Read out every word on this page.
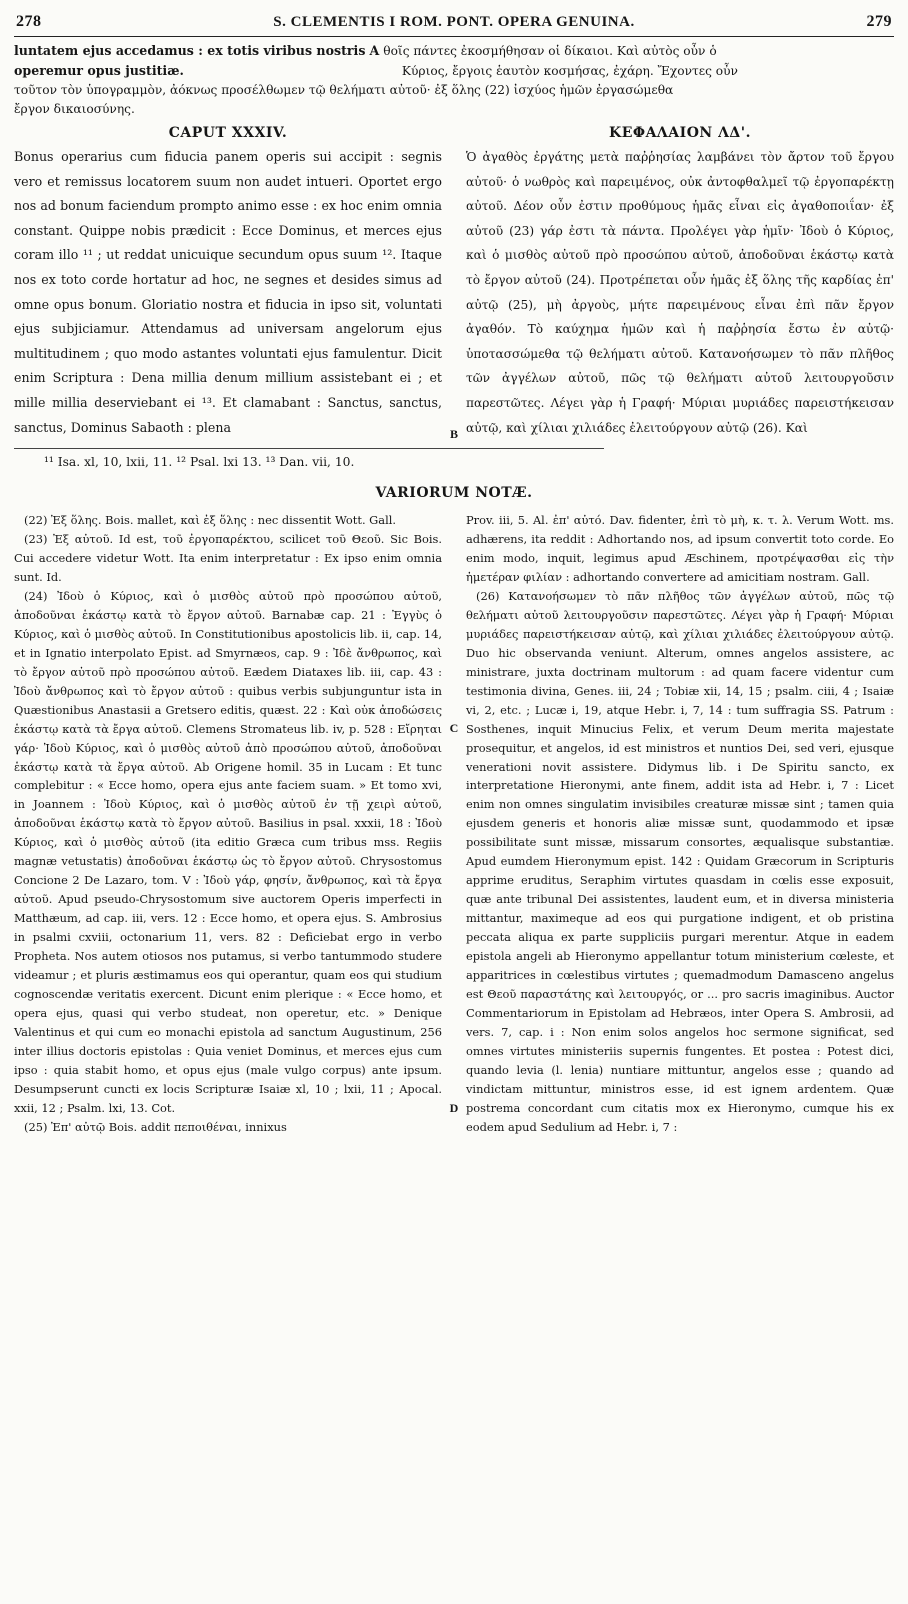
278	S. CLEMENTIS I ROM. PONT. OPERA GENUINA.	279
luntatem ejus accedamus : ex totis viribus nostris A θοῖς πάντες ἐκοσμήθησαν οἱ δίκαιοι. Καὶ αὐτὸς οὖν ὁ
operemur opus justitiæ.	Κύριος, ἔργοις ἑαυτὸν κοσμήσας, ἐχάρη. Ἔχοντες οὖν
τοῦτον τὸν ὑπογραμμὸν, ἀόκνως προσέλθωμεν τῷ θελήματι αὐτοῦ· ἐξ ὅλης (22) ἰσχύος ἡμῶν ἐργασώμεθα
ἔργον δικαιοσύνης.
CAPUT XXXIV.

Bonus operarius cum fiducia panem operis sui accipit : segnis vero et remissus locatorem suum non audet intueri. Oportet ergo nos ad bonum faciendum prompto animo esse : ex hoc enim omnia constant. Quippe nobis prædicit : Ecce Dominus, et merces ejus coram illo ¹¹ ; ut reddat unicuique secundum opus suum ¹². Itaque nos ex toto corde hortatur ad hoc, ne segnes et desides simus ad omne opus bonum. Gloriatio nostra et fiducia in ipso sit, voluntati ejus subjiciamur. Attendamus ad universam angelorum ejus multitudinem ; quo modo astantes voluntati ejus famulentur. Dicit enim Scriptura : Dena millia denum millium assistebant ei ; et mille millia deserviebant ei ¹³. Et clamabant : Sanctus, sanctus, sanctus, Dominus Sabaoth : plena	B
ΚΕΦΑΛΑΙΟΝ ΛΔ'.

Ὁ ἀγαθὸς ἐργάτης μετὰ παῤῥησίας λαμβάνει τὸν ἄρτον τοῦ ἔργου αὐτοῦ· ὁ νωθρὸς καὶ παρειμένος, οὐκ ἀντοφθαλμεῖ τῷ ἐργοπαρέκτῃ αὐτοῦ. Δέον οὖν ἐστιν προθύμους ἡμᾶς εἶναι εἰς ἀγαθοποιΐαν· ἐξ αὐτοῦ (23) γάρ ἐστι τὰ πάντα. Προλέγει γὰρ ἡμῖν· Ἰδοὺ ὁ Κύριος, καὶ ὁ μισθὸς αὐτοῦ πρὸ προσώπου αὐτοῦ, ἀποδοῦναι ἑκάστῳ κατὰ τὸ ἔργον αὐτοῦ (24). Προτρέπεται οὖν ἡμᾶς ἐξ ὅλης τῆς καρδίας ἐπ' αὐτῷ (25), μὴ ἀργοὺς, μήτε παρειμένους εἶναι ἐπὶ πᾶν ἔργον ἀγαθόν. Τὸ καύχημα ἡμῶν καὶ ἡ παῤῥησία ἔστω ἐν αὐτῷ· ὑποτασσώμεθα τῷ θελήματι αὐτοῦ. Κατανοήσωμεν τὸ πᾶν πλῆθος τῶν ἀγγέλων αὐτοῦ, πῶς τῷ θελήματι αὐτοῦ λειτουργοῦσιν παρεστῶτες. Λέγει γὰρ ἡ Γραφή· Μύριαι μυριάδες παρειστήκεισαν αὐτῷ, καὶ χίλιαι χιλιάδες ἐλειτούργουν αὐτῷ (26). Καὶ

¹¹ Isa. xl, 10, lxii, 11. ¹² Psal. lxi 13. ¹³ Dan. vii, 10.
VARIORUM NOTÆ.

(22) Ἐξ ὅλης. Bois. mallet, καὶ ἐξ ὅλης : nec dissentit Wott. Gall.

(23) Ἐξ αὐτοῦ. Id est, τοῦ ἐργοπαρέκτου, scilicet τοῦ Θεοῦ. Sic Bois. Cui accedere videtur Wott. Ita enim interpretatur : Ex ipso enim omnia sunt. Id.

(24) Ἰδοὺ ὁ Κύριος, καὶ ὁ μισθὸς αὐτοῦ πρὸ προσώπου αὐτοῦ, ἀποδοῦναι ἑκάστῳ κατὰ τὸ ἔργον αὐτοῦ. Barnabæ cap. 21 : Ἐγγὺς ὁ Κύριος, καὶ ὁ μισθὸς αὐτοῦ. In Constitutionibus apostolicis lib. ii, cap. 14, et in Ignatio interpolato Epist. ad Smyrnæos, cap. 9 : Ἰδὲ ἄνθρωπος, καὶ τὸ ἔργον αὐτοῦ πρὸ προσώπου αὐτοῦ. Eædem Diataxes lib. iii, cap. 43 : Ἰδοὺ ἄνθρωπος καὶ τὸ ἔργον αὐτοῦ : quibus verbis subjunguntur ista in Quæstionibus Anastasii a Gretsero editis, quæst. 22 : Καὶ οὐκ ἀποδώσεις ἑκάστῳ κατὰ τὰ ἔργα αὐτοῦ. Clemens Stromateus lib. iv, p. 528 : Εἴρηται γάρ· Ἰδοὺ Κύριος, καὶ ὁ μισθὸς αὐτοῦ ἀπὸ προσώπου αὐτοῦ, ἀποδοῦναι ἑκάστῳ κατὰ τὰ ἔργα αὐτοῦ. Ab Origene homil. 35 in Lucam : Et tunc complebitur : « Ecce homo, opera ejus ante faciem suam. » Et tomo xvi, in Joannem : Ἰδοὺ Κύριος, καὶ ὁ μισθὸς αὐτοῦ ἐν τῇ χειρὶ αὐτοῦ, ἀποδοῦναι ἑκάστῳ κατὰ τὸ ἔργον αὐτοῦ. Basilius in psal. xxxii, 18 : Ἰδοὺ Κύριος, καὶ ὁ μισθὸς αὐτοῦ (ita editio Græca cum tribus mss. Regiis magnæ vetustatis) ἀποδοῦναι ἑκάστῳ ὡς τὸ ἔργον αὐτοῦ. Chrysostomus Concione 2 De Lazaro, tom. V : Ἰδοὺ γάρ, φησίν, ἄνθρωπος, καὶ τὰ ἔργα αὐτοῦ. Apud pseudo-Chrysostomum sive auctorem Operis imperfecti in Matthæum, ad cap. iii, vers. 12 : Ecce homo, et opera ejus. S. Ambrosius in psalmi cxviii, octonarium 11, vers. 82 : Deficiebat ergo in verbo Propheta. Nos autem otiosos nos putamus, si verbo tantummodo studere videamur ; et pluris æstimamus eos qui operantur, quam eos qui studium cognoscendæ veritatis exercent. Dicunt enim plerique : « Ecce homo, et opera ejus, quasi qui verbo studeat, non operetur, etc. » Denique Valentinus et qui cum eo monachi epistola ad sanctum Augustinum, 256 inter illius doctoris epistolas : Quia veniet Dominus, et merces ejus cum ipso : quia stabit homo, et opus ejus (male vulgo corpus) ante ipsum. Desumpserunt cuncti ex locis Scripturæ Isaiæ xl, 10 ; lxii, 11 ; Apocal. xxii, 12 ; Psalm. lxi, 13. Cot.

(25) Ἐπ' αὐτῷ Bois. addit πεποιθέναι, innixus

C
D

Prov. iii, 5. Al. ἐπ' αὐτό. Dav. fidenter, ἐπὶ τὸ μὴ, κ. τ. λ. Verum Wott. ms. adhærens, ita reddit : Adhortando nos, ad ipsum convertit toto corde. Eo enim modo, inquit, legimus apud Æschinem, προτρέψασθαι εἰς τὴν ἡμετέραν φιλίαν : adhortando convertere ad amicitiam nostram. Gall.

(26) Κατανοήσωμεν τὸ πᾶν πλῆθος τῶν ἀγγέλων αὐτοῦ, πῶς τῷ θελήματι αὐτοῦ λειτουργοῦσιν παρεστῶτες. Λέγει γὰρ ἡ Γραφή· Μύριαι μυριάδες παρειστήκεισαν αὐτῷ, καὶ χίλιαι χιλιάδες ἐλειτούργουν αὐτῷ. Duo hic observanda veniunt. Alterum, omnes angelos assistere, ac ministrare, juxta doctrinam multorum : ad quam facere videntur cum testimonia divina, Genes. iii, 24 ; Tobiæ xii, 14, 15 ; psalm. ciii, 4 ; Isaiæ vi, 2, etc. ; Lucæ i, 19, atque Hebr. i, 7, 14 : tum suffragia SS. Patrum : Sosthenes, inquit Minucius Felix, et verum Deum merita majestate prosequitur, et angelos, id est ministros et nuntios Dei, sed veri, ejusque venerationi novit assistere. Didymus lib. i De Spiritu sancto, ex interpretatione Hieronymi, ante finem, addit ista ad Hebr. i, 7 : Licet enim non omnes singulatim invisibiles creaturæ missæ sint ; tamen quia ejusdem generis et honoris aliæ missæ sunt, quodammodo et ipsæ possibilitate sunt missæ, missarum consortes, æqualisque substantiæ. Apud eumdem Hieronymum epist. 142 : Quidam Græcorum in Scripturis apprime eruditus, Seraphim virtutes quasdam in cœlis esse exposuit, quæ ante tribunal Dei assistentes, laudent eum, et in diversa ministeria mittantur, maximeque ad eos qui purgatione indigent, et ob pristina peccata aliqua ex parte suppliciis purgari merentur. Atque in eadem epistola angeli ab Hieronymo appellantur totum ministerium cœleste, et apparitrices in cœlestibus virtutes ; quemadmodum Damasceno angelus est Θεοῦ παραστάτης καὶ λειτουργός, or ... pro sacris imaginibus. Auctor Commentariorum in Epistolam ad Hebræos, inter Opera S. Ambrosii, ad vers. 7, cap. i : Non enim solos angelos hoc sermone significat, sed omnes virtutes ministeriis supernis fungentes. Et postea : Potest dici, quando levia (l. lenia) nuntiare mittuntur, angelos esse ; quando ad vindictam mittuntur, ministros esse, id est ignem ardentem. Quæ postrema concordant cum citatis mox ex Hieronymo, cumque his ex eodem apud Sedulium ad Hebr. i, 7 :
